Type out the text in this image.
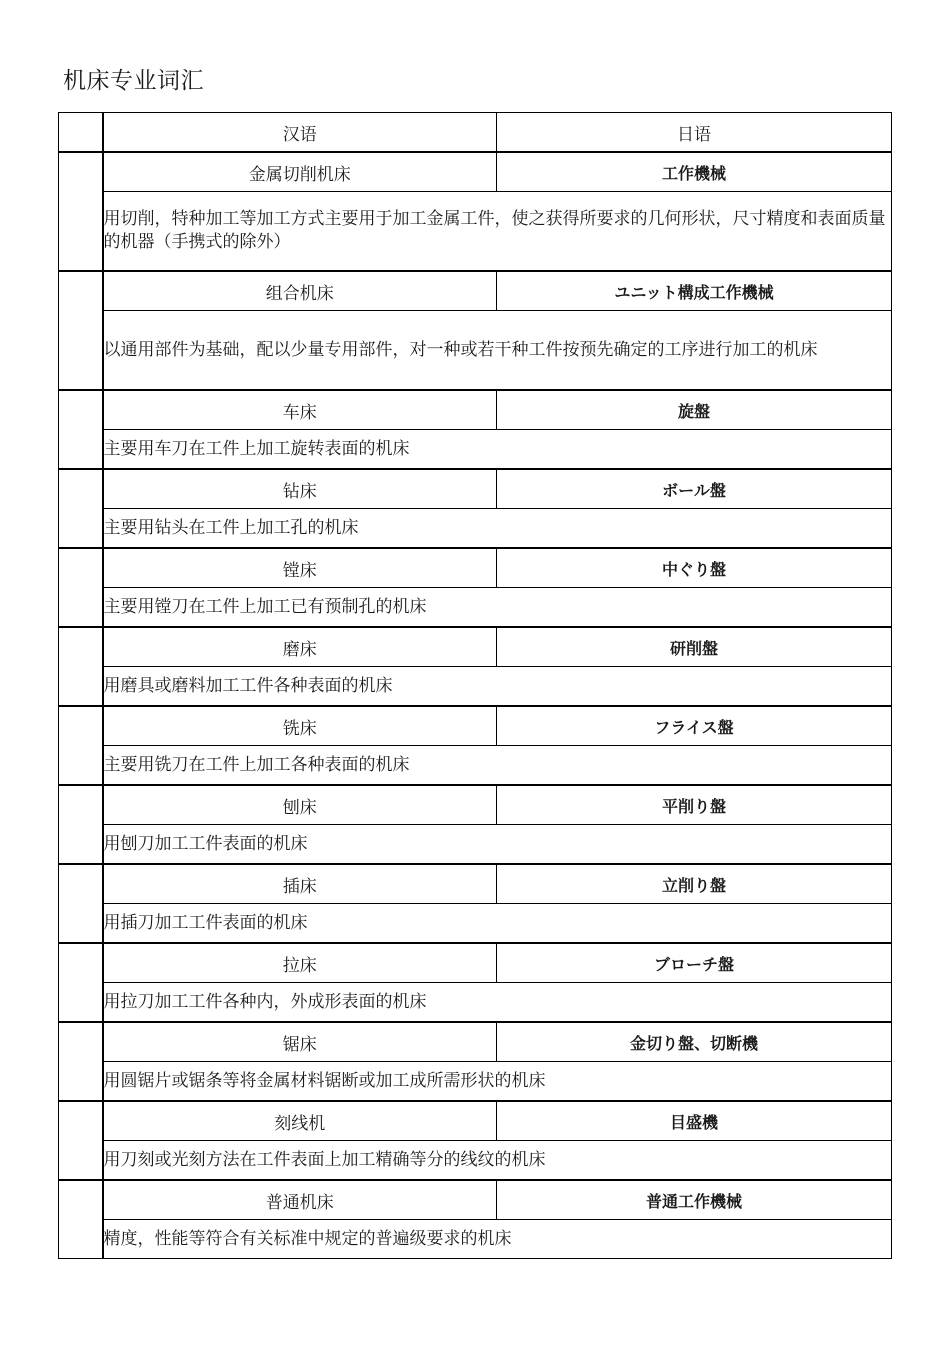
机床专业词汇
	汉语	日语
	金属切削机床	工作機械
	用切削，特种加工等加工方式主要用于加工金属工件，使之获得所要求的几何形状，尺寸精度和表面质量的机器（手携式的除外）	
	组合机床	ユニット構成工作機械
	以通用部件为基础，配以少量专用部件，对一种或若干种工件按预先确定的工序进行加工的机床	
	车床	旋盤
	主要用车刀在工件上加工旋转表面的机床	
	钻床	ボール盤
	主要用钻头在工件上加工孔的机床	
	镗床	中ぐり盤
	主要用镗刀在工件上加工已有预制孔的机床	
	磨床	研削盤
	用磨具或磨料加工工件各种表面的机床	
	铣床	フライス盤
	主要用铣刀在工件上加工各种表面的机床	
	刨床	平削り盤
	用刨刀加工工件表面的机床	
	插床	立削り盤
	用插刀加工工件表面的机床	
	拉床	ブローチ盤
	用拉刀加工工件各种内，外成形表面的机床	
	锯床	金切り盤、切断機
	用圆锯片或锯条等将金属材料锯断或加工成所需形状的机床	
	刻线机	目盛機
	用刀刻或光刻方法在工件表面上加工精确等分的线纹的机床	
	普通机床	普通工作機械
	精度，性能等符合有关标准中规定的普遍级要求的机床	
